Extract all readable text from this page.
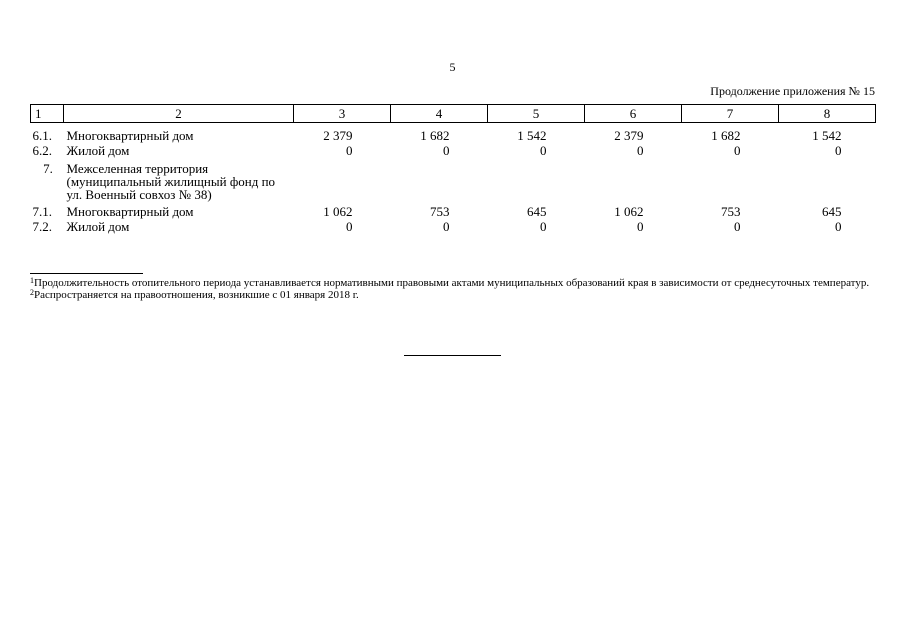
5
Продолжение приложения № 15
1	2	3	4	5	6	7	8
6.1.	Многоквартирный дом	2 379	1 682	1 542	2 379	1 682	1 542
6.2.	Жилой дом	0	0	0	0	0	0
7.	Межселенная территория (муниципальный жилищный фонд по ул. Военный совхоз № 38)						
7.1.	Многоквартирный дом	1 062	753	645	1 062	753	645
7.2.	Жилой дом	0	0	0	0	0	0
$^1$Продолжительность отопительного периода устанавливается нормативными правовыми актами муниципальных образований края в зависимости от среднесуточных температур.
$^2$Распространяется на правоотношения, возникшие с 01 января 2018 г.
